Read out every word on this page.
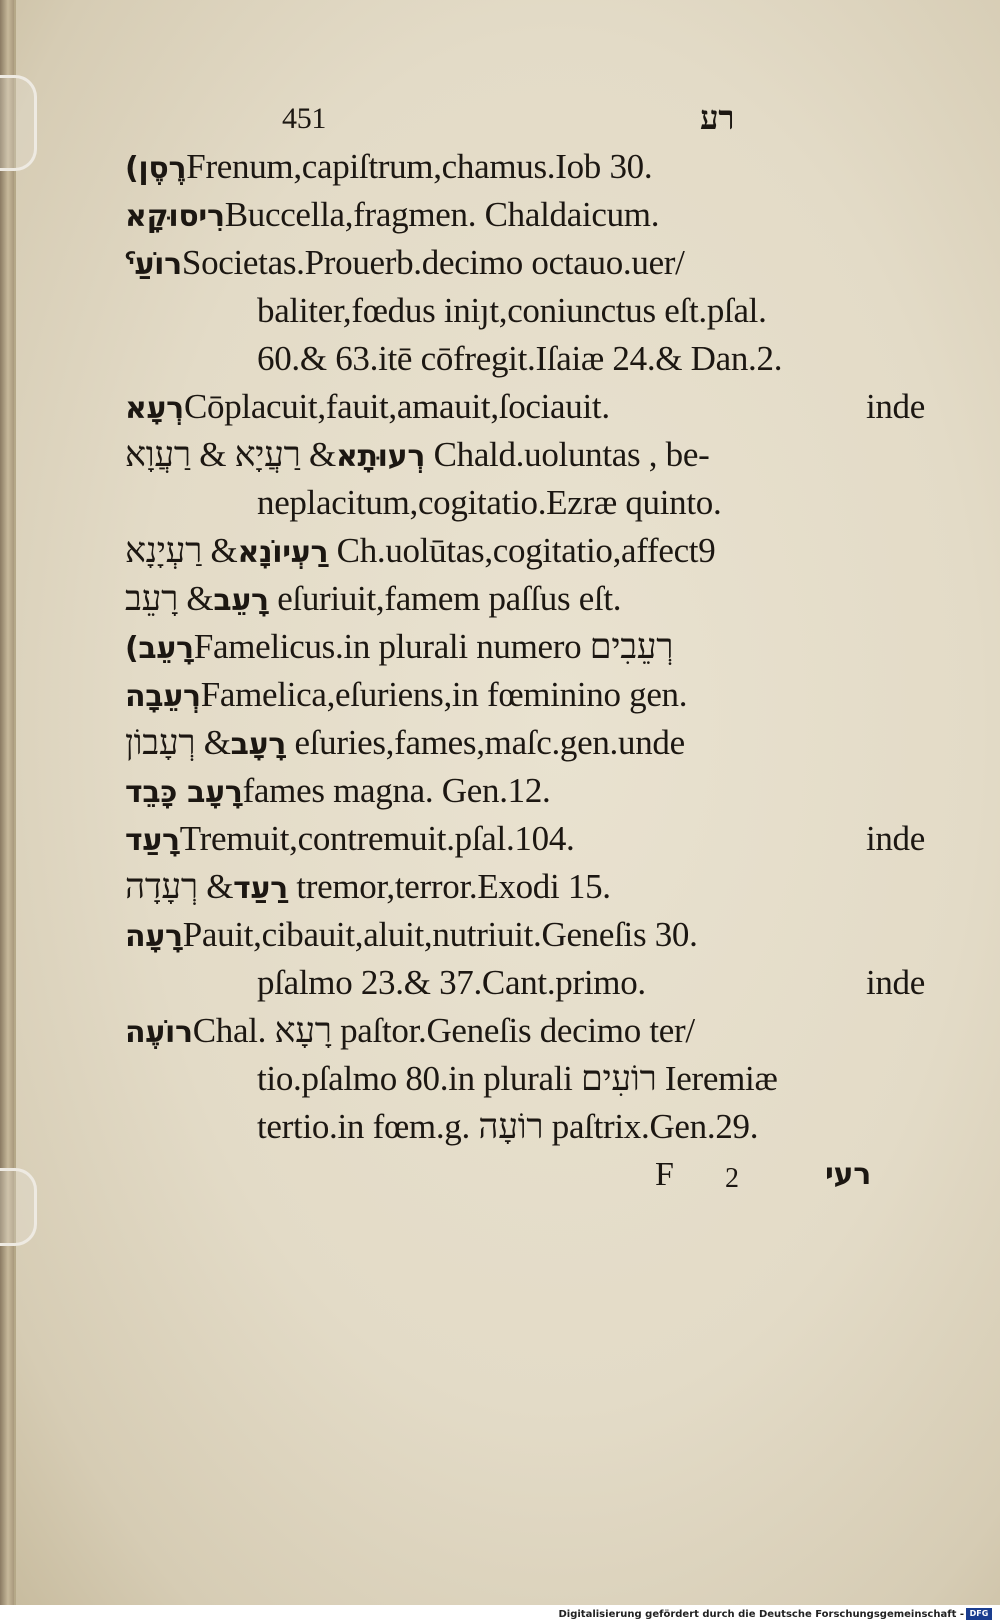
451	רע
(רֶסֶןFrenum,capiſtrum,chamus.Iob 30.
רִיסוּקָאBuccella,fragmen. Chaldaicum.
ˁרוֹעַSocietas.Prouerb.decimo octauo.uer/
baliter,fœdus iniȷt,coniunctus eſt.pſal.
60.& 63.itē cōfregit.Iſaiæ 24.& Dan.2.
רְעָאCōplacuit,fauit,amauit,ſociauit.	inde
רְעוּתָא& רַעֲיָא & רַעֲוָא Chald.uoluntas , be-
neplacitum,cogitatio.Ezræ quinto.
רַעְיוֹנָא& רַעְיָנָא Ch.uolūtas,cogitatio,affect9
רָעֵב& רָעֵב eſuriuit,famem paſſus eſt.
(רָעֵבFamelicus.in plurali numero רְעֵבִים
רְעֵבָהFamelica,eſuriens,in fœminino gen.
רָעָב& רְעָבוֹן eſuries,fames,maſc.gen.unde
רָעָב כָּבֵדfames magna. Gen.12.
רָעַדTremuit,contremuit.pſal.104.	inde
רַעַד& רְעָדָה tremor,terror.Exodi 15.
רָעָהPauit,cibauit,aluit,nutriuit.Geneſis 30.
pſalmo 23.& 37.Cant.primo.	inde
רוֹעֶהChal. רָעָא paſtor.Geneſis decimo ter/
tio.pſalmo 80.in plurali רוֹעִים Ieremiæ
tertio.in fœm.g. רוֹעָה paſtrix.Gen.29.
F 2	רעי
Digitalisierung gefördert durch die Deutsche Forschungsgemeinschaft - DFG
